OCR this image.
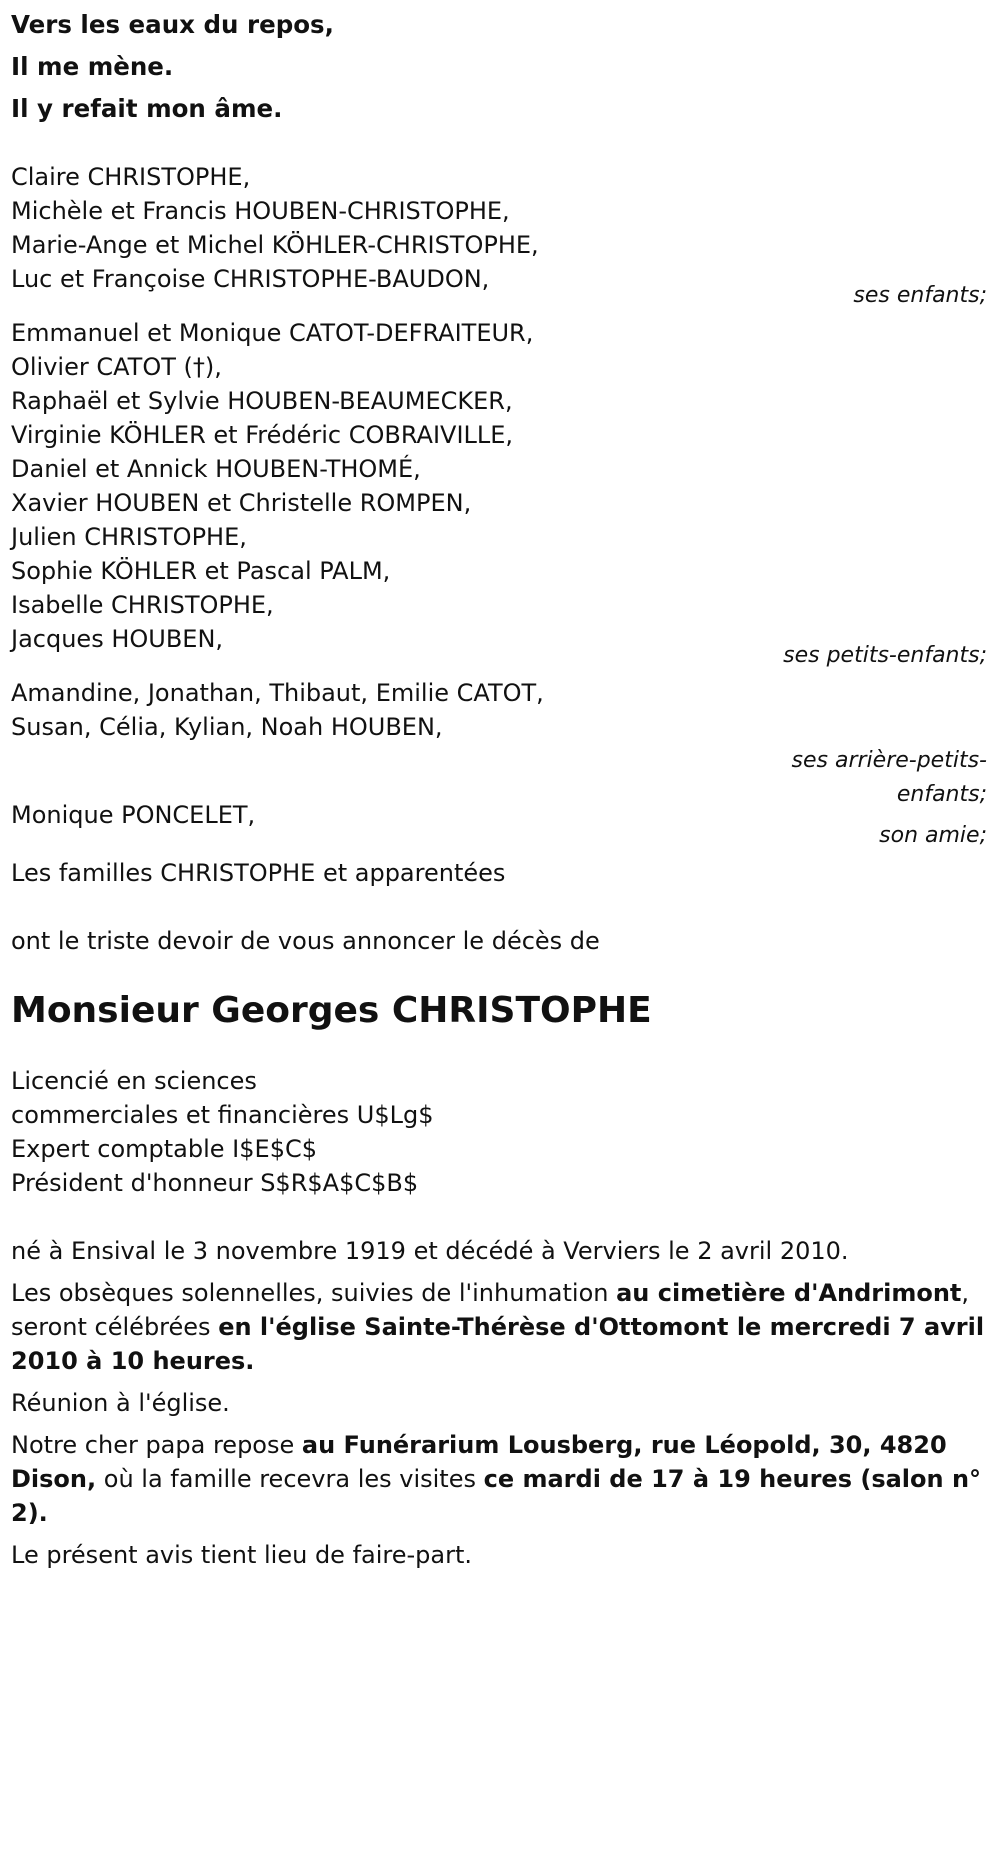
Vers les eaux du repos,
Il me mène.
Il y refait mon âme.
Claire CHRISTOPHE,
Michèle et Francis HOUBEN-CHRISTOPHE,
Marie-Ange et Michel KÖHLER-CHRISTOPHE,
Luc et Françoise CHRISTOPHE-BAUDON,
ses enfants;
Emmanuel et Monique CATOT-DEFRAITEUR,
Olivier CATOT (†),
Raphaël et Sylvie HOUBEN-BEAUMECKER,
Virginie KÖHLER et Frédéric COBRAIVILLE,
Daniel et Annick HOUBEN-THOMÉ,
Xavier HOUBEN et Christelle ROMPEN,
Julien CHRISTOPHE,
Sophie KÖHLER et Pascal PALM,
Isabelle CHRISTOPHE,
Jacques HOUBEN,
ses petits-enfants;
Amandine, Jonathan, Thibaut, Emilie CATOT,
Susan, Célia, Kylian, Noah HOUBEN,
ses arrière-petits-
enfants;
Monique PONCELET,
son amie;
Les familles CHRISTOPHE et apparentées
ont le triste devoir de vous annoncer le décès de
Monsieur Georges CHRISTOPHE
Licencié en sciences
commerciales et financières U$Lg$
Expert comptable I$E$C$
Président d'honneur S$R$A$C$B$

né à Ensival le 3 novembre 1919 et décédé à Verviers le 2 avril 2010.

Les obsèques solennelles, suivies de l'inhumation au cimetière d'Andrimont, seront célébrées en l'église Sainte-Thérèse d'Ottomont le mercredi 7 avril 2010 à 10 heures.

Réunion à l'église.

Notre cher papa repose au Funérarium Lousberg, rue Léopold, 30, 4820 Dison, où la famille recevra les visites ce mardi de 17 à 19 heures (salon n° 2).

Le présent avis tient lieu de faire-part.
